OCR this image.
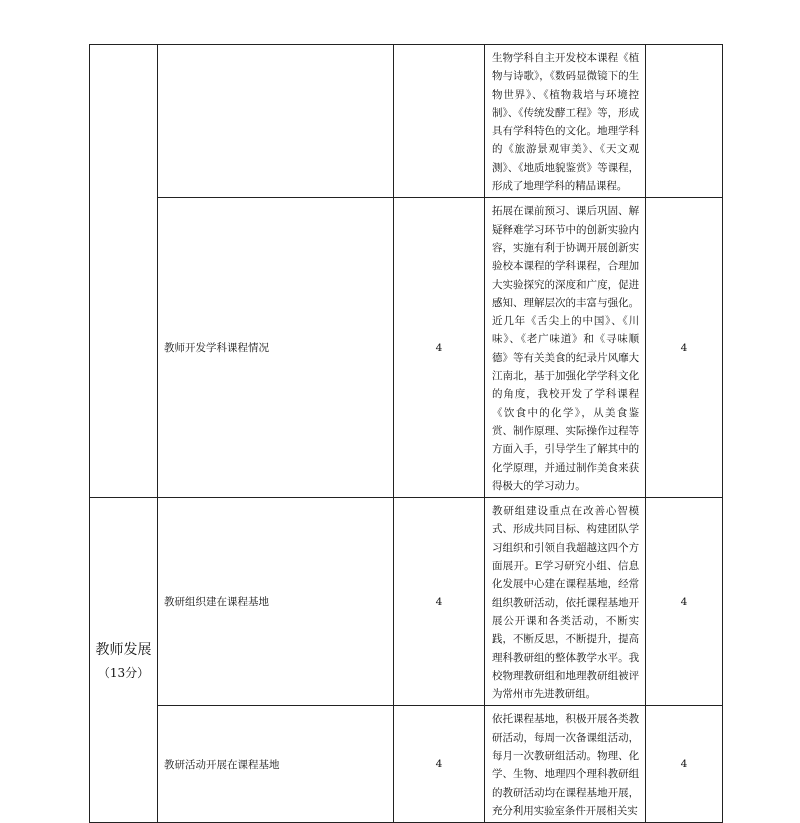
			生物学科自主开发校本课程《植物与诗歌》，《数码显微镜下的生物世界》、《植物栽培与环境控制》、《传统发酵工程》等，形成具有学科特色的文化。地理学科的《旅游景观审美》、《天文观测》、《地质地貌鉴赏》等课程，形成了地理学科的精品课程。	

	教师开发学科课程情况	4	拓展在课前预习、课后巩固、解疑释难学习环节中的创新实验内容，实施有利于协调开展创新实验校本课程的学科课程，合理加大实验探究的深度和广度，促进感知、理解层次的丰富与强化。近几年《舌尖上的中国》、《川味》、《老广味道》和《寻味顺德》等有关美食的纪录片风靡大江南北，基于加强化学学科文化的角度，我校开发了学科课程《饮食中的化学》，从美食鉴赏、制作原理、实际操作过程等方面入手，引导学生了解其中的化学原理，并通过制作美食来获得极大的学习动力。	4

教师发展
（13分）	教研组织建在课程基地	4	教研组建设重点在改善心智模式、形成共同目标、构建团队学习组织和引领自我超越这四个方面展开。E学习研究小组、信息化发展中心建在课程基地，经常组织教研活动，依托课程基地开展公开课和各类活动，不断实践，不断反思，不断提升，提高理科教研组的整体教学水平。我校物理教研组和地理教研组被评为常州市先进教研组。	4
	教研活动开展在课程基地	4	依托课程基地，积极开展各类教研活动，每周一次备课组活动，每月一次教研组活动。物理、化学、生物、地理四个理科教研组的教研活动均在课程基地开展，充分利用实验室条件开展相关实	4
